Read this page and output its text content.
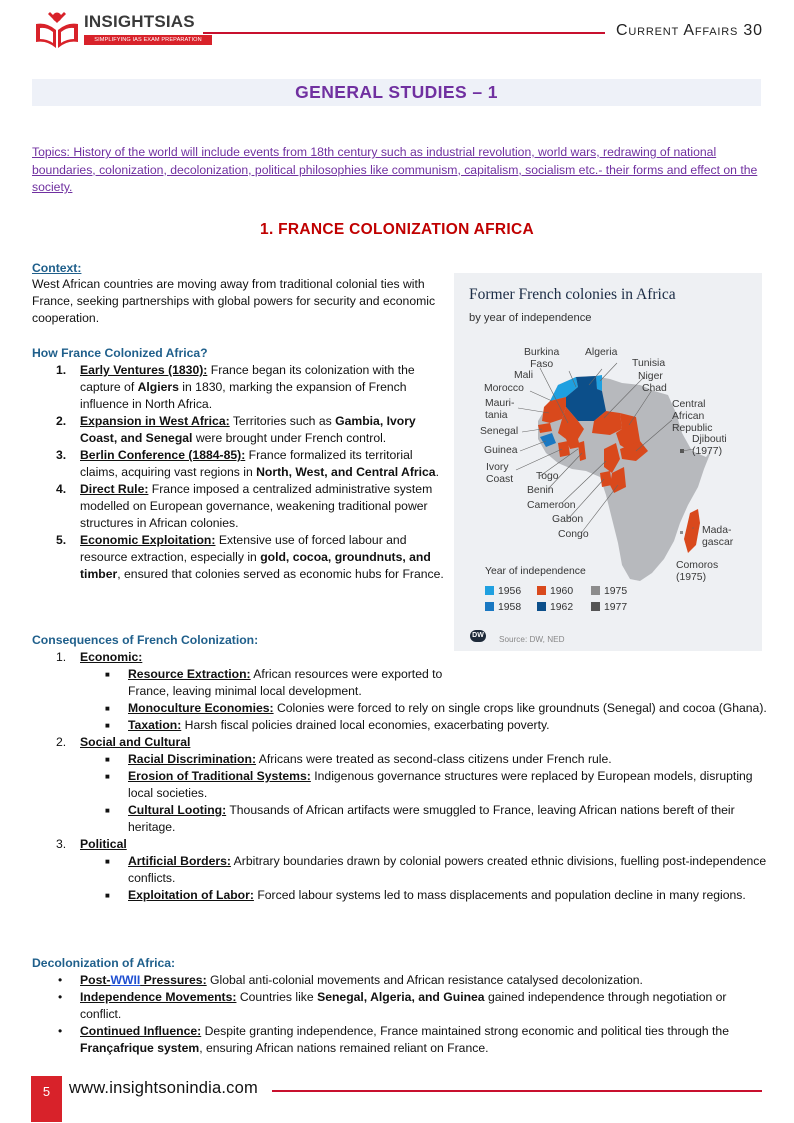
INSIGHTSIAS
SIMPLIFYING IAS EXAM PREPARATION
Current Affairs 30
GENERAL STUDIES – 1
Topics: History of the world will include events from 18th century such as industrial revolution, world wars, redrawing of national boundaries, colonization, decolonization, political philosophies like communism, capitalism, socialism etc.- their forms and effect on the society.
1. FRANCE COLONIZATION AFRICA
Context:
West African countries are moving away from traditional colonial ties with France, seeking partnerships with global powers for security and economic cooperation.
How France Colonized Africa?
1. Early Ventures (1830): France began its colonization with the capture of Algiers in 1830, marking the expansion of French influence in North Africa.
2. Expansion in West Africa: Territories such as Gambia, Ivory Coast, and Senegal were brought under French control.
3. Berlin Conference (1884-85): France formalized its territorial claims, acquiring vast regions in North, West, and Central Africa.
4. Direct Rule: France imposed a centralized administrative system modelled on European governance, weakening traditional power structures in African colonies.
5. Economic Exploitation: Extensive use of forced labour and resource extraction, especially in gold, cocoa, groundnuts, and timber, ensured that colonies served as economic hubs for France.
Former French colonies in Africa
by year of independence
Burkina
Faso
Algeria
Mali
Tunisia
Niger
Morocco	Chad
Mauri-
tania
Central
African
Republic
Senegal
Djibouti
(1977)
Guinea
Ivory
Coast Togo
Benin
Cameroon
Gabon
Congo	Mada-
gascar
Comoros
(1975)
Year of independence
1956	1960	1975
1958	1962	1977
DW Source: DW, NED
Consequences of French Colonization:
1. Economic:
■ Resource Extraction: African resources were exported to France, leaving minimal local development.
■ Monoculture Economies: Colonies were forced to rely on single crops like groundnuts (Senegal) and cocoa (Ghana).
■ Taxation: Harsh fiscal policies drained local economies, exacerbating poverty.
2. Social and Cultural
■ Racial Discrimination: Africans were treated as second-class citizens under French rule.
■ Erosion of Traditional Systems: Indigenous governance structures were replaced by European models, disrupting local societies.
■ Cultural Looting: Thousands of African artifacts were smuggled to France, leaving African nations bereft of their heritage.
3. Political
■ Artificial Borders: Arbitrary boundaries drawn by colonial powers created ethnic divisions, fuelling post-independence conflicts.
■ Exploitation of Labor: Forced labour systems led to mass displacements and population decline in many regions.
Decolonization of Africa:
• Post-WWII Pressures: Global anti-colonial movements and African resistance catalysed decolonization.
• Independence Movements: Countries like Senegal, Algeria, and Guinea gained independence through negotiation or conflict.
• Continued Influence: Despite granting independence, France maintained strong economic and political ties through the Françafrique system, ensuring African nations remained reliant on France.
5	www.insightsonindia.com
